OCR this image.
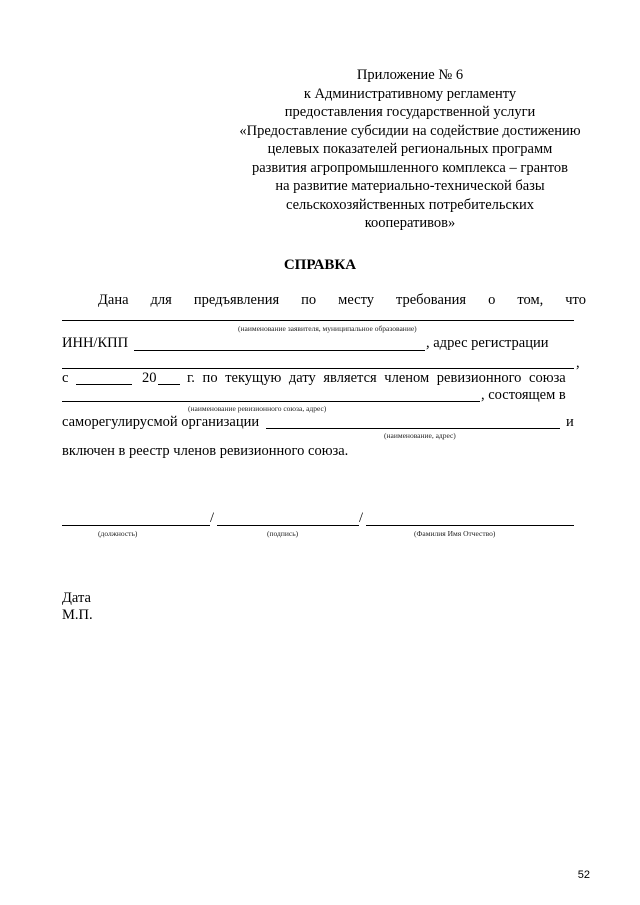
Приложение № 6
к Административному регламенту
предоставления государственной услуги
«Предоставление субсидии на содействие достижению
целевых показателей региональных программ
развития агропромышленного комплекса – грантов
на развитие материально-технической базы
сельскохозяйственных потребительских
кооперативов»
СПРАВКА
Дана для предъявления по месту требования о том, что
(наименование заявителя, муниципальное образование)
ИНН/КПП	, адрес регистрации
,
с	20 г. по текущую дату является членом ревизионного союза
, состоящем в
(наименование ревизионного союза, адрес)
саморегулирусмой организации	и
(наименование, адрес)
включен в реестр членов ревизионного союза.
/	/
(должность)	(подпись)	(Фамилия Имя Отчество)
Дата
М.П.
52
